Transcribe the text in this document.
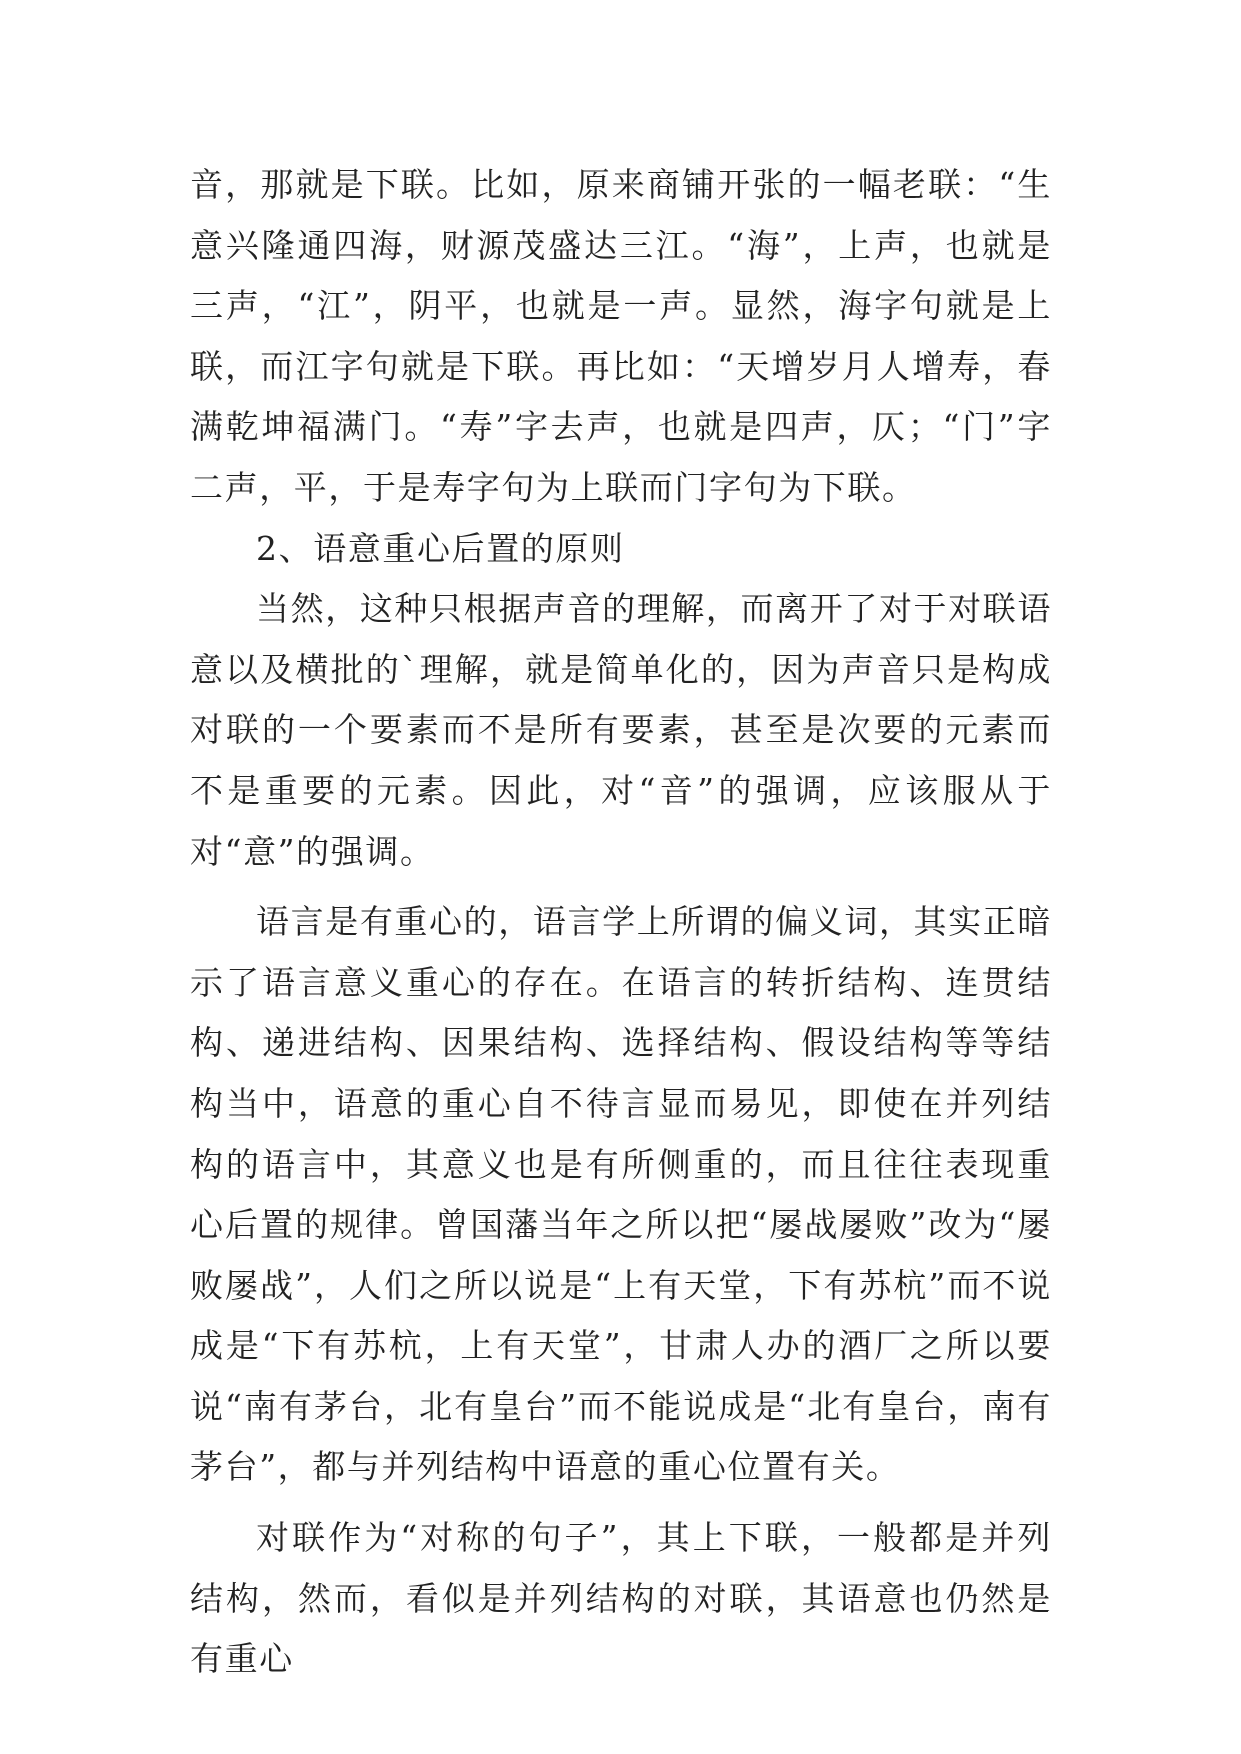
音，那就是下联。比如，原来商铺开张的一幅老联：“生意兴隆通四海，财源茂盛达三江。“海”，上声，也就是三声，“江”，阴平，也就是一声。显然，海字句就是上联，而江字句就是下联。再比如：“天增岁月人增寿，春满乾坤福满门。“寿”字去声，也就是四声，仄；“门”字二声，平，于是寿字句为上联而门字句为下联。

2、语意重心后置的原则

当然，这种只根据声音的理解，而离开了对于对联语意以及横批的`理解，就是简单化的，因为声音只是构成对联的一个要素而不是所有要素，甚至是次要的元素而不是重要的元素。因此，对“音”的强调，应该服从于对“意”的强调。

语言是有重心的，语言学上所谓的偏义词，其实正暗示了语言意义重心的存在。在语言的转折结构、连贯结构、递进结构、因果结构、选择结构、假设结构等等结构当中，语意的重心自不待言显而易见，即使在并列结构的语言中，其意义也是有所侧重的，而且往往表现重心后置的规律。曾国藩当年之所以把“屡战屡败”改为“屡败屡战”，人们之所以说是“上有天堂，下有苏杭”而不说成是“下有苏杭，上有天堂”，甘肃人办的酒厂之所以要说“南有茅台，北有皇台”而不能说成是“北有皇台，南有茅台”，都与并列结构中语意的重心位置有关。

对联作为“对称的句子”，其上下联，一般都是并列结构，然而，看似是并列结构的对联，其语意也仍然是有重心
